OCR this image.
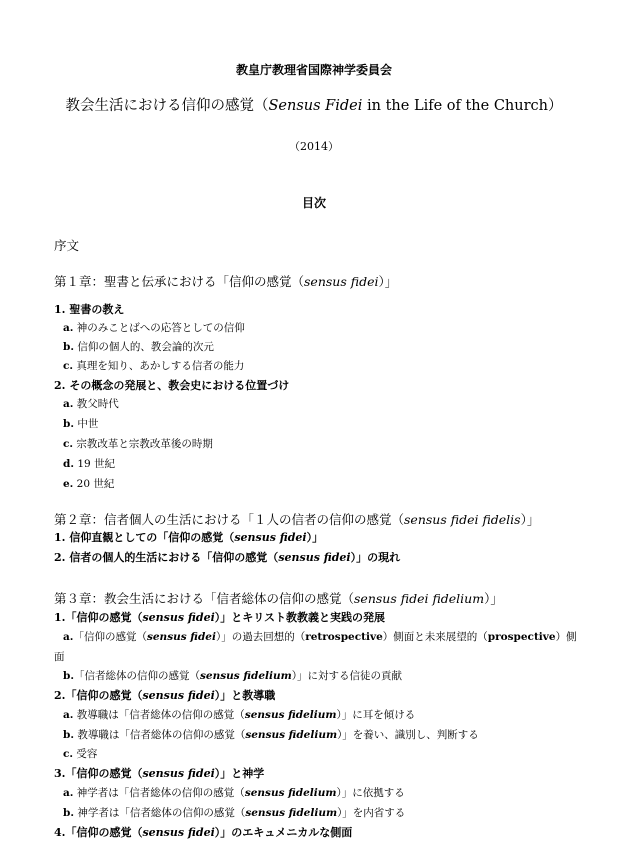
教皇庁教理省国際神学委員会
教会生活における信仰の感覚（Sensus Fidei in the Life of the Church）
（2014）
目次
序文
第１章：聖書と伝承における「信仰の感覚（sensus fidei）」
1. 聖書の教え
a. 神のみことばへの応答としての信仰
b. 信仰の個人的、教会論的次元
c. 真理を知り、あかしする信者の能力
2. その概念の発展と、教会史における位置づけ
a. 教父時代
b. 中世
c. 宗教改革と宗教改革後の時期
d. 19 世紀
e. 20 世紀
第２章：信者個人の生活における「１人の信者の信仰の感覚（sensus fidei fidelis）」
1. 信仰直観としての「信仰の感覚（sensus fidei）」
2. 信者の個人的生活における「信仰の感覚（sensus fidei）」の現れ
第３章：教会生活における「信者総体の信仰の感覚（sensus fidei fidelium）」
1.「信仰の感覚（sensus fidei）」とキリスト教教義と実践の発展
a.「信仰の感覚（sensus fidei）」の過去回想的（retrospective）側面と未来展望的（prospective）側
面
b.「信者総体の信仰の感覚（sensus fidelium）」に対する信徒の貢献
2.「信仰の感覚（sensus fidei）」と教導職
a. 教導職は「信者総体の信仰の感覚（sensus fidelium）」に耳を傾ける
b. 教導職は「信者総体の信仰の感覚（sensus fidelium）」を養い、識別し、判断する
c. 受容
3.「信仰の感覚（sensus fidei）」と神学
a. 神学者は「信者総体の信仰の感覚（sensus fidelium）」に依拠する
b. 神学者は「信者総体の信仰の感覚（sensus fidelium）」を内省する
4.「信仰の感覚（sensus fidei）」のエキュメニカルな側面
